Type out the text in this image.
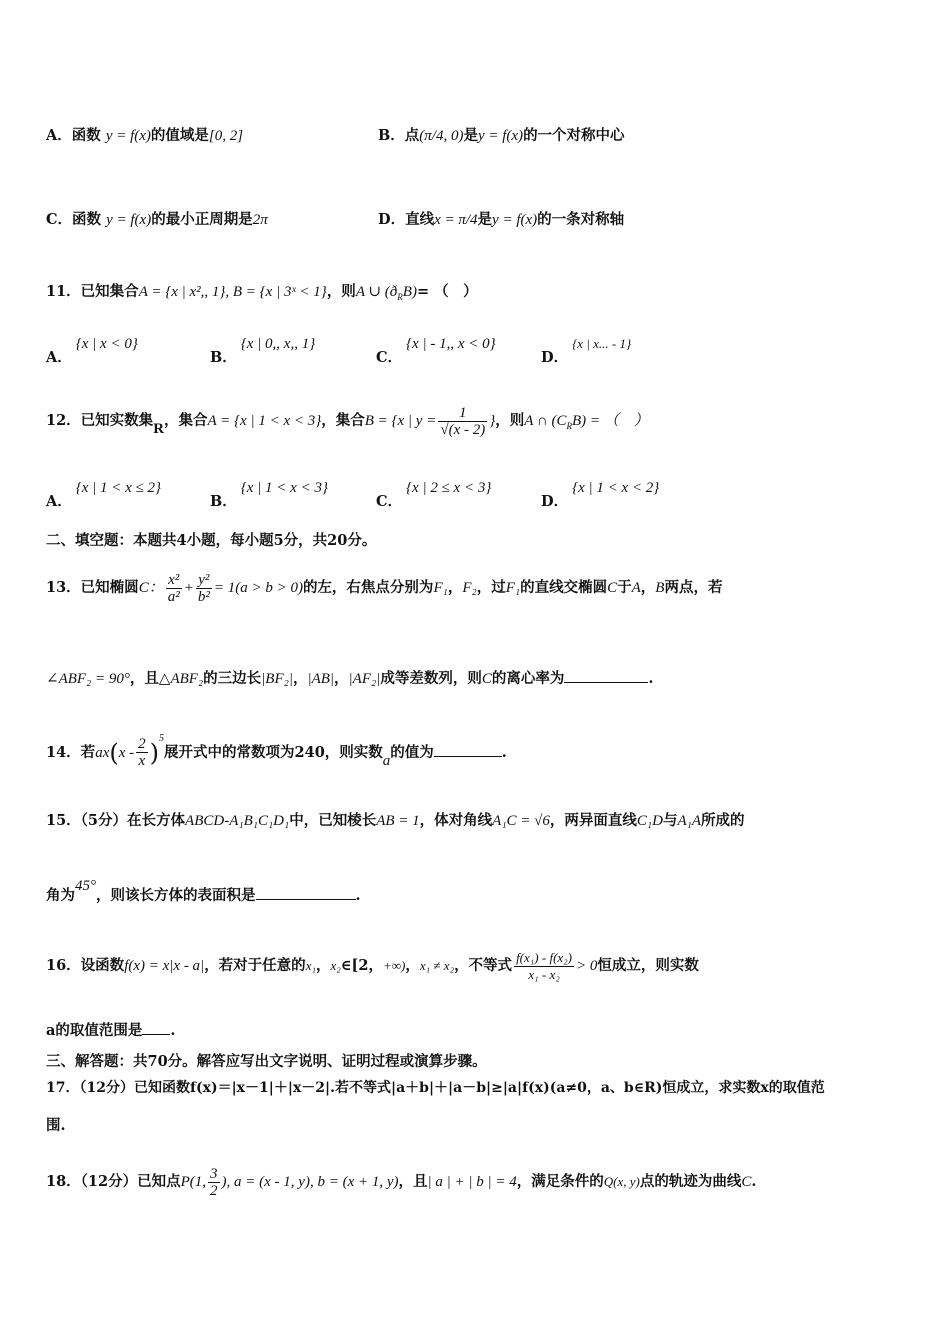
A．函数 y = f(x)的值域是[0, 2]	B．点(π/4, 0)是y = f(x)的一个对称中心
C．函数 y = f(x)的最小正周期是2π	D．直线x = π/4是y = f(x)的一条对称轴
11．已知集合A = {x | x²,, 1}, B = {x | 3ˣ < 1}，则A ∪ $(ð_RB)=$ （　）
A．{x | x < 0}
B．{x | 0,, x,, 1}
C．{x | - 1,, x < 0}
D．{x | x... - 1}
12．已知实数集R，集合A = {x | 1 < x < 3}，集合B = {x | $y = \frac{1}{√(x - 2)}$ }，则A ∩ $(C_RB)$ = （　）
A．{x | 1 < x ≤ 2}
B．{x | 1 < x < 3}
C．{x | 2 ≤ x < 3}
D．{x | 1 < x < 2}
二、填空题：本题共4小题，每小题5分，共20分。
13．已知椭圆C： $\frac{\text{x²}}{\text{a²}} + \frac{\text{y²}}{\text{b²}} = 1(a > b > 0)$的左，右焦点分别为F₁，F₂，过F₁的直线交椭圆C于A，B两点，若
∠ABF₂ = 90°，且△ABF₂的三边长|BF₂|，|AB|，|AF₂|成等差数列，则C的离心率为	.
14．若$ax(x - \frac{2}{x} )^5$展开式中的常数项为240，则实数a的值为	.
15．（5分）在长方体ABCD-A₁B₁C₁D₁中，已知棱长AB = 1，体对角线A₁C = √6，两异面直线C₁D与A₁A所成的
角为45°，则该长方体的表面积是	.
16．设函数f(x) = x|x - a|，若对于任意的x₁，x₂∈[2，+∞)，x₁ ≠ x₂，不等式 $\frac{\text{f(x₁) - f(x₂)}}{\text{x₁ - x₂}} > 0$恒成立，则实数
a的取值范围是 .
三、解答题：共70分。解答应写出文字说明、证明过程或演算步骤。
17．（12分）已知函数f(x)＝|x－1|＋|x－2|.若不等式|a＋b|＋|a－b|≥|a|f(x)(a≠0，a、b∈R)恒成立，求实数x的取值范
围.
18．（12分）已知点P(1, $\frac{3}{2}$ ), a = (x - 1, y), b = (x + 1, y)，且| a | + | b | = 4，满足条件的Q(x, y)点的轨迹为曲线C.
